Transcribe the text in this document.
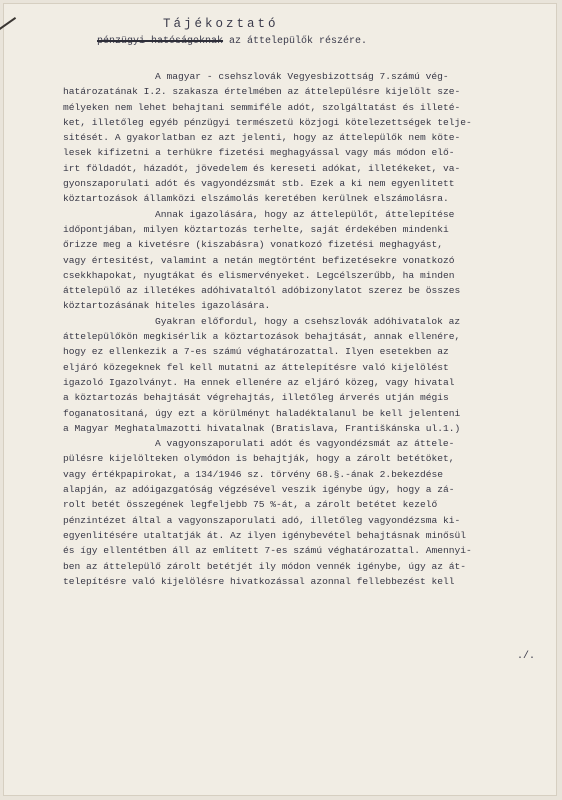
Tájékoztató
pénzügyi hatóságoknak az áttelepülők részére.

A magyar - csehszlovák Vegyesbizottság 7.számú vég-
határozatának I.2. szakasza értelmében az áttelepülésre kijelölt sze-
mélyeken nem lehet behajtani semmiféle adót, szolgáltatást és illeté-
ket, illetőleg egyéb pénzügyi természetü közjogi kötelezettségek telje-
sitését. A gyakorlatban ez azt jelenti, hogy az áttelepülők nem köte-
lesek kifizetni a terhükre fizetési meghagyással vagy más módon elő-
irt földadót, házadót, jövedelem és kereseti adókat, illetékeket, va-
gyonszaporulati adót és vagyondézsmát stb. Ezek a ki nem egyenlitett
köztartozások államközi elszámolás keretében kerülnek elszámolásra.

Annak igazolására, hogy az áttelepülőt, áttelepítése
időpontjában, milyen köztartozás terhelte, saját érdekében mindenki
őrizze meg a kivetésre (kiszabásra) vonatkozó fizetési meghagyást,
vagy értesitést, valamint a netán megtörtént befizetésekre vonatkozó
csekkhapokat, nyugtákat és elismervényeket. Legcélszerűbb, ha minden
áttelepülő az illetékes adóhivataltól adóbizonylatot szerez be összes
köztartozásának hiteles igazolására.

Gyakran előfordul, hogy a csehszlovák adóhivatalok az
áttelepülőkön megkisérlik a köztartozások behajtását, annak ellenére,
hogy ez ellenkezik a 7-es számú véghatározattal. Ilyen esetekben az
eljáró közegeknek fel kell mutatni az áttelepítésre való kijelölést
igazoló Igazolványt. Ha ennek ellenére az eljáró közeg, vagy hivatal
a köztartozás behajtását végrehajtás, illetőleg árverés utján mégis
foganatositaná, úgy ezt a körülményt haladéktalanul be kell jelenteni
a Magyar Meghatalmazotti hivatalnak (Bratislava, Františkánska ul.1.)

A vagyonszaporulati adót és vagyondézsmát az áttele-
pülésre kijelölteken olymódon is behajtják, hogy a zárolt betétöket,
vagy értékpapirokat, a 134/1946 sz. törvény 68.§.-ának 2.bekezdése
alapján, az adóigazgatóság végzésével veszik igénybe úgy, hogy a zá-
rolt betét összegének legfeljebb 75 %-át, a zárolt betétet kezelő
pénzintézet által a vagyonszaporulati adó, illetőleg vagyondézsma ki-
egyenlitésére utaltatják át. Az ilyen igénybevétel behajtásnak minősül
és így ellentétben áll az említett 7-es számú véghatározattal. Amennyi-
ben az áttelepülő zárolt betétjét ily módon vennék igénybe, úgy az át-
telepítésre való kijelölésre hivatkozással azonnal fellebbezést kell

./.
